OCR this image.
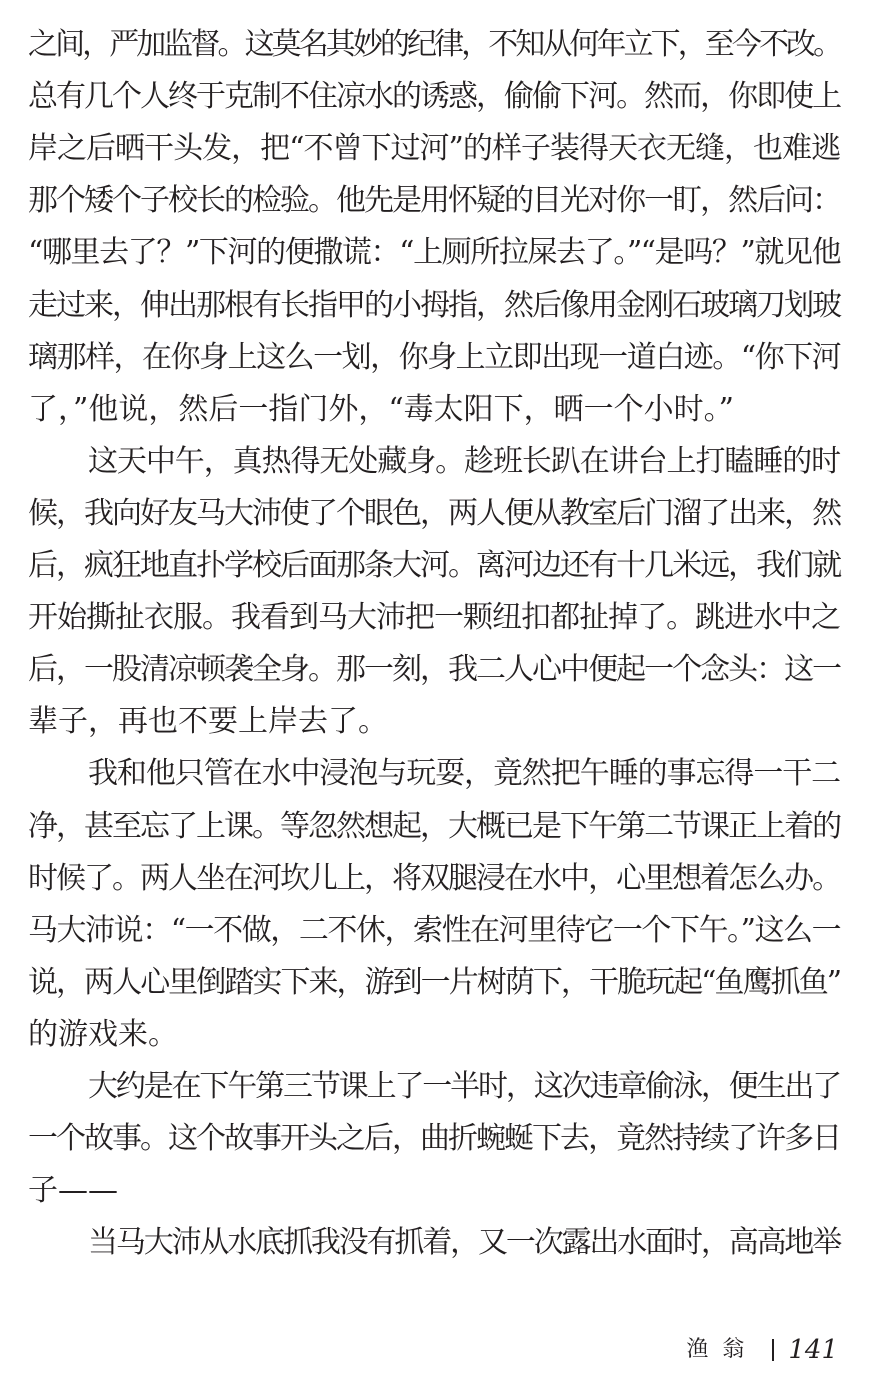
之间，严加监督。这莫名其妙的纪律，不知从何年立下，至今不改。
总有几个人终于克制不住凉水的诱惑，偷偷下河。然而，你即使上
岸之后晒干头发，把“不曾下过河”的样子装得天衣无缝，也难逃
那个矮个子校长的检验。他先是用怀疑的目光对你一盯，然后问：
“哪里去了？”下河的便撒谎：“上厕所拉屎去了。”“是吗？”就见他
走过来，伸出那根有长指甲的小拇指，然后像用金刚石玻璃刀划玻
璃那样，在你身上这么一划，你身上立即出现一道白迹。“你下河
了，”他说，然后一指门外，“毒太阳下，晒一个小时。”
这天中午，真热得无处藏身。趁班长趴在讲台上打瞌睡的时
候，我向好友马大沛使了个眼色，两人便从教室后门溜了出来，然
后，疯狂地直扑学校后面那条大河。离河边还有十几米远，我们就
开始撕扯衣服。我看到马大沛把一颗纽扣都扯掉了。跳进水中之
后，一股清凉顿袭全身。那一刻，我二人心中便起一个念头：这一
辈子，再也不要上岸去了。
我和他只管在水中浸泡与玩耍，竟然把午睡的事忘得一干二
净，甚至忘了上课。等忽然想起，大概已是下午第二节课正上着的
时候了。两人坐在河坎儿上，将双腿浸在水中，心里想着怎么办。
马大沛说：“一不做，二不休，索性在河里待它一个下午。”这么一
说，两人心里倒踏实下来，游到一片树荫下，干脆玩起“鱼鹰抓鱼”
的游戏来。
大约是在下午第三节课上了一半时，这次违章偷泳，便生出了
一个故事。这个故事开头之后，曲折蜿蜒下去，竟然持续了许多日
子——
当马大沛从水底抓我没有抓着，又一次露出水面时，高高地举
渔翁 141
